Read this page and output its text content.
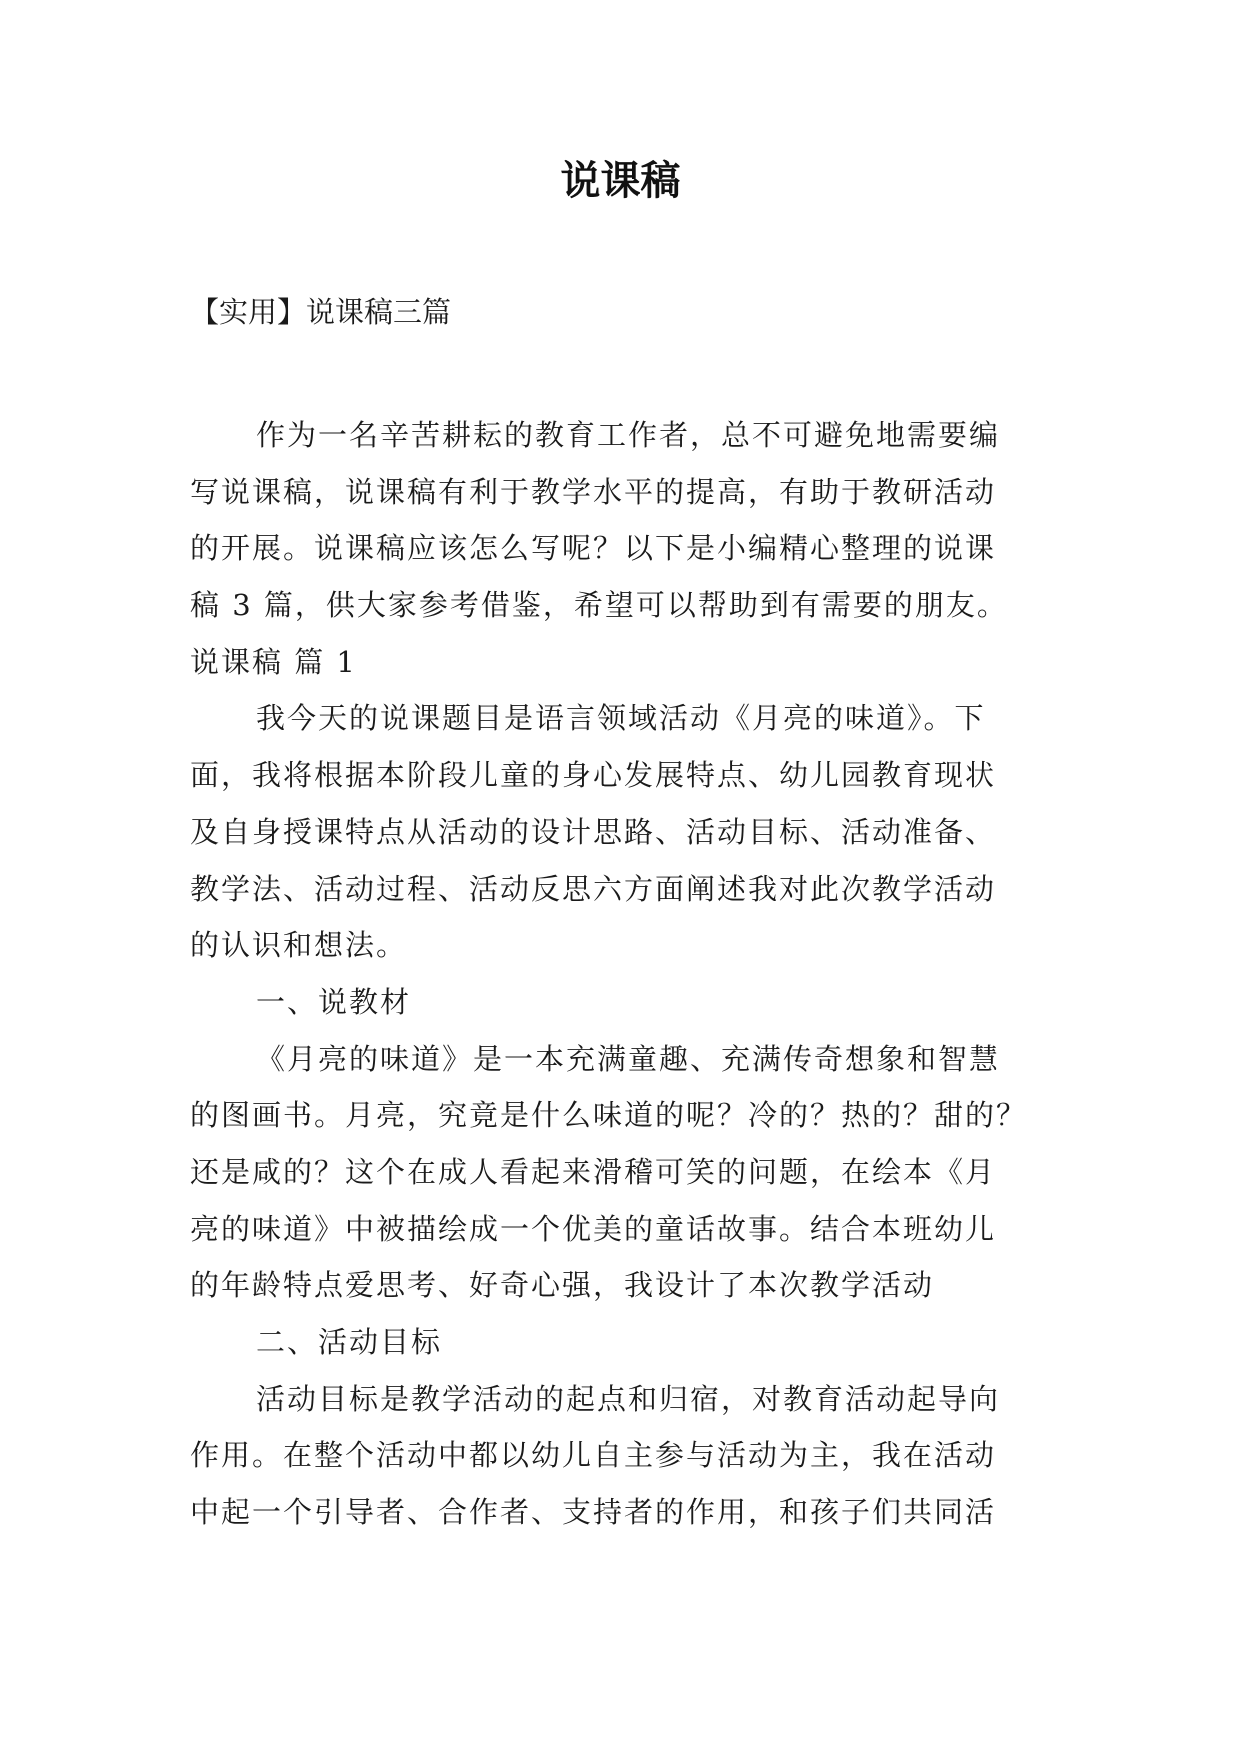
说课稿
【实用】说课稿三篇
作为一名辛苦耕耘的教育工作者，总不可避免地需要编
写说课稿，说课稿有利于教学水平的提高，有助于教研活动
的开展。说课稿应该怎么写呢？以下是小编精心整理的说课
稿 3 篇，供大家参考借鉴，希望可以帮助到有需要的朋友。
说课稿 篇 1
我今天的说课题目是语言领域活动《月亮的味道》。下
面，我将根据本阶段儿童的身心发展特点、幼儿园教育现状
及自身授课特点从活动的设计思路、活动目标、活动准备、
教学法、活动过程、活动反思六方面阐述我对此次教学活动
的认识和想法。
一、说教材
《月亮的味道》是一本充满童趣、充满传奇想象和智慧
的图画书。月亮，究竟是什么味道的呢？冷的？热的？甜的？
还是咸的？这个在成人看起来滑稽可笑的问题，在绘本《月
亮的味道》中被描绘成一个优美的童话故事。结合本班幼儿
的年龄特点爱思考、好奇心强，我设计了本次教学活动
二、活动目标
活动目标是教学活动的起点和归宿，对教育活动起导向
作用。在整个活动中都以幼儿自主参与活动为主，我在活动
中起一个引导者、合作者、支持者的作用，和孩子们共同活
